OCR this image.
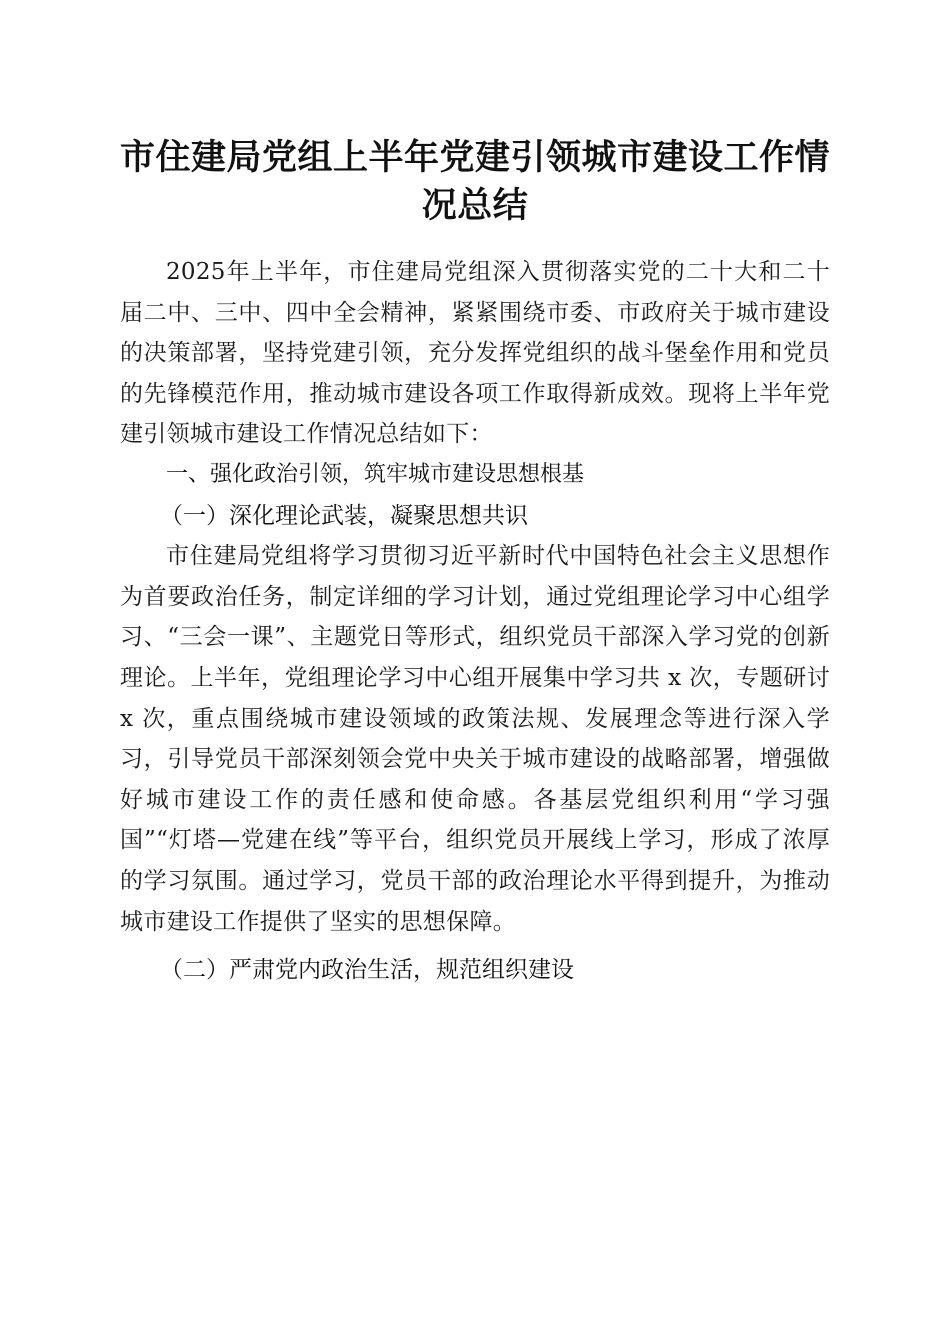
市住建局党组上半年党建引领城市建设工作情
况总结

2025年上半年，市住建局党组深入贯彻落实党的二十大和二十届二中、三中、四中全会精神，紧紧围绕市委、市政府关于城市建设的决策部署，坚持党建引领，充分发挥党组织的战斗堡垒作用和党员的先锋模范作用，推动城市建设各项工作取得新成效。现将上半年党建引领城市建设工作情况总结如下：

一、强化政治引领，筑牢城市建设思想根基

（一）深化理论武装，凝聚思想共识

市住建局党组将学习贯彻习近平新时代中国特色社会主义思想作为首要政治任务，制定详细的学习计划，通过党组理论学习中心组学习、“三会一课”、主题党日等形式，组织党员干部深入学习党的创新理论。上半年，党组理论学习中心组开展集中学习共 x 次，专题研讨 x 次，重点围绕城市建设领域的政策法规、发展理念等进行深入学习，引导党员干部深刻领会党中央关于城市建设的战略部署，增强做好城市建设工作的责任感和使命感。各基层党组织利用“学习强国”“灯塔—党建在线”等平台，组织党员开展线上学习，形成了浓厚的学习氛围。通过学习，党员干部的政治理论水平得到提升，为推动城市建设工作提供了坚实的思想保障。

（二）严肃党内政治生活，规范组织建设
